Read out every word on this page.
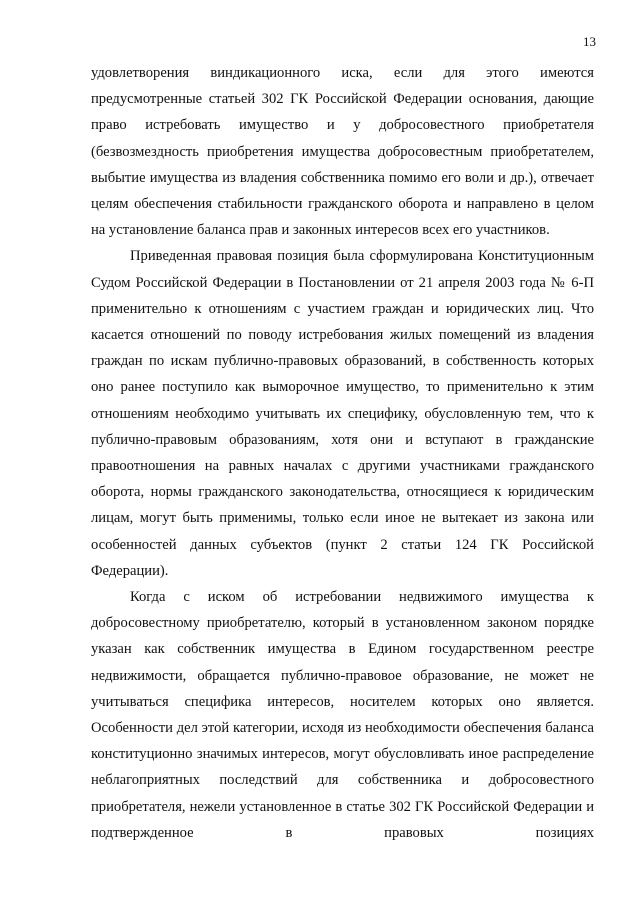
13

удовлетворения виндикационного иска, если для этого имеются предусмотренные статьей 302 ГК Российской Федерации основания, дающие право истребовать имущество и у добросовестного приобретателя (безвозмездность приобретения имущества добросовестным приобретателем, выбытие имущества из владения собственника помимо его воли и др.), отвечает целям обеспечения стабильности гражданского оборота и направлено в целом на установление баланса прав и законных интересов всех его участников.

Приведенная правовая позиция была сформулирована Конституционным Судом Российской Федерации в Постановлении от 21 апреля 2003 года № 6-П применительно к отношениям с участием граждан и юридических лиц. Что касается отношений по поводу истребования жилых помещений из владения граждан по искам публично-правовых образований, в собственность которых оно ранее поступило как выморочное имущество, то применительно к этим отношениям необходимо учитывать их специфику, обусловленную тем, что к публично-правовым образованиям, хотя они и вступают в гражданские правоотношения на равных началах с другими участниками гражданского оборота, нормы гражданского законодательства, относящиеся к юридическим лицам, могут быть применимы, только если иное не вытекает из закона или особенностей данных субъектов (пункт 2 статьи 124 ГК Российской Федерации).

Когда с иском об истребовании недвижимого имущества к добросовестному приобретателю, который в установленном законом порядке указан как собственник имущества в Едином государственном реестре недвижимости, обращается публично-правовое образование, не может не учитываться специфика интересов, носителем которых оно является. Особенности дел этой категории, исходя из необходимости обеспечения баланса конституционно значимых интересов, могут обусловливать иное распределение неблагоприятных последствий для собственника и добросовестного приобретателя, нежели установленное в статье 302 ГК Российской Федерации и подтвержденное в правовых позициях
